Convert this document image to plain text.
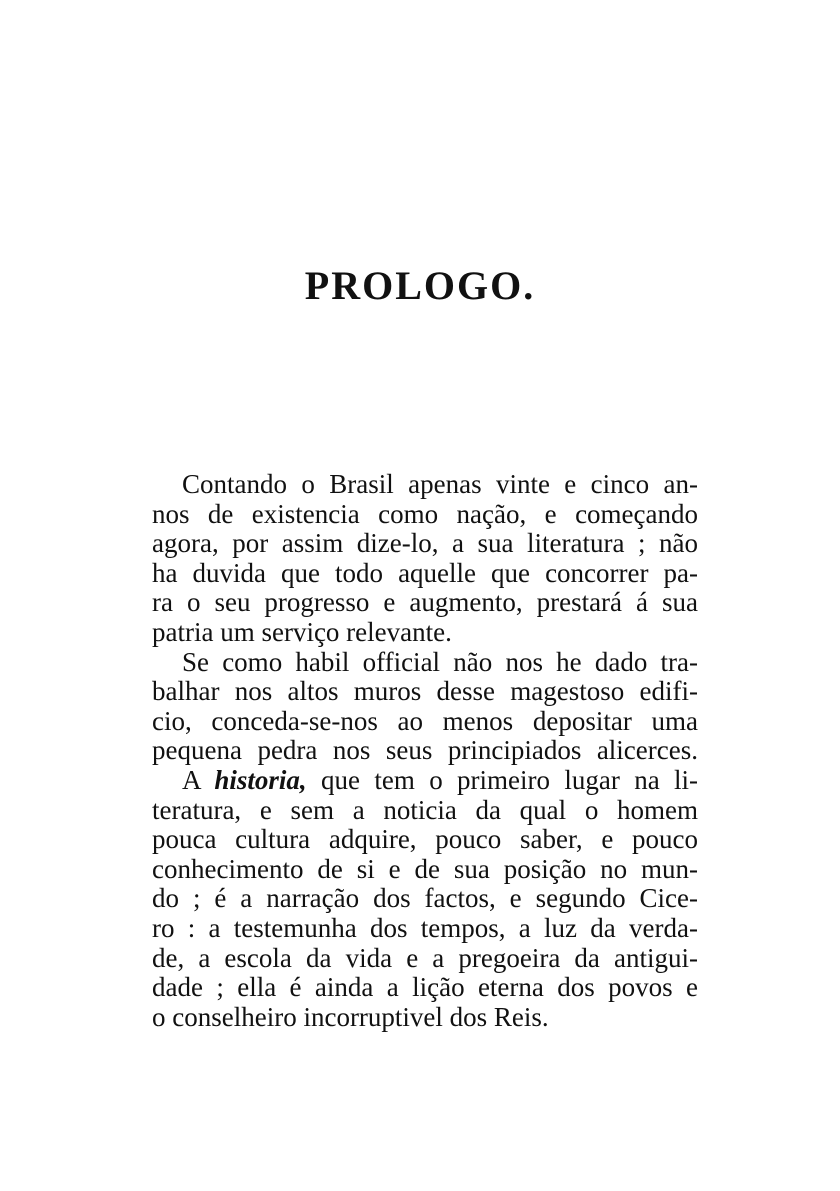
PROLOGO.
Contando o Brasil apenas vinte e cinco an-
nos de existencia como nação, e começando
agora, por assim dize-lo, a sua literatura ; não
ha duvida que todo aquelle que concorrer pa-
ra o seu progresso e augmento, prestará á sua
patria um serviço relevante.
Se como habil official não nos he dado tra-
balhar nos altos muros desse magestoso edifi-
cio, conceda-se-nos ao menos depositar uma
pequena pedra nos seus principiados alicerces.
A historia, que tem o primeiro lugar na li-
teratura, e sem a noticia da qual o homem
pouca cultura adquire, pouco saber, e pouco
conhecimento de si e de sua posição no mun-
do ; é a narração dos factos, e segundo Cice-
ro : a testemunha dos tempos, a luz da verda-
de, a escola da vida e a pregoeira da antigui-
dade ; ella é ainda a lição eterna dos povos e
o conselheiro incorruptivel dos Reis.
